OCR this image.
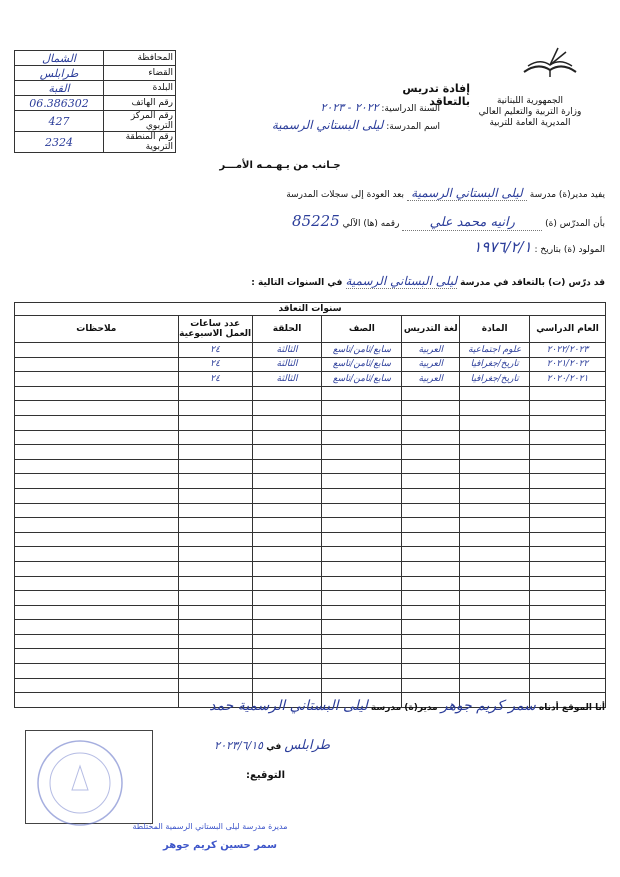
الشمال	المحافظة
طرابلس	القضاء
القبة	البلدة
06.386302	رقم الهاتف
427	رقم المركز التربوي
2324	رقم المنطقة التربوية
الجمهورية اللبنانية
وزارة التربية والتعليم العالي
المديرية العامة للتربية
إفادة تدريس بالتعاقد
السنة الدراسية: ٢٠٢٢ - ٢٠٢٣
اسم المدرسة: ليلى البستاني الرسمية
جـانب من يـهـمـه الأمـــر
يفيد مدير(ة) مدرسة ليلى البستاني الرسمية بعد العودة إلى سجلات المدرسة
بأن المدرّس (ة) رانيه محمد علي رقمه (ها) الآلي 85225
المولود (ة) بتاريخ : ١٩٧٦/٢/١
قد درّس (ت) بالتعاقد في مدرسة ليلى البستاني الرسمية في السنوات التالية :
سنوات التعاقد						
العام الدراسي	المادة	لغة التدريس	الصف	الحلقة	عدد ساعات العمل الاسبوعية	ملاحظات
٢٠٢٢/٢٠٢٣	علوم اجتماعية	العربية	سابع/ثامن/تاسع	الثالثة	٢٤	
٢٠٢١/٢٠٢٢	تاريخ/جغرافيا	العربية	سابع/ثامن/تاسع	الثالثة	٢٤	
٢٠٢٠/٢٠٢١	تاريخ/جغرافيا	العربية	سابع/ثامن/تاسع	الثالثة	٢٤	

أنا الموقع أدناه سمر كريم جوهر مدير(ة) مدرسة ليلى البستاني الرسمية حمد
طرابلس في ٢٠٢٣/٦/١٥
التوقيع:
مديرة مدرسة ليلى البستاني الرسمية المختلطة
سمر حسين كريم جوهر
